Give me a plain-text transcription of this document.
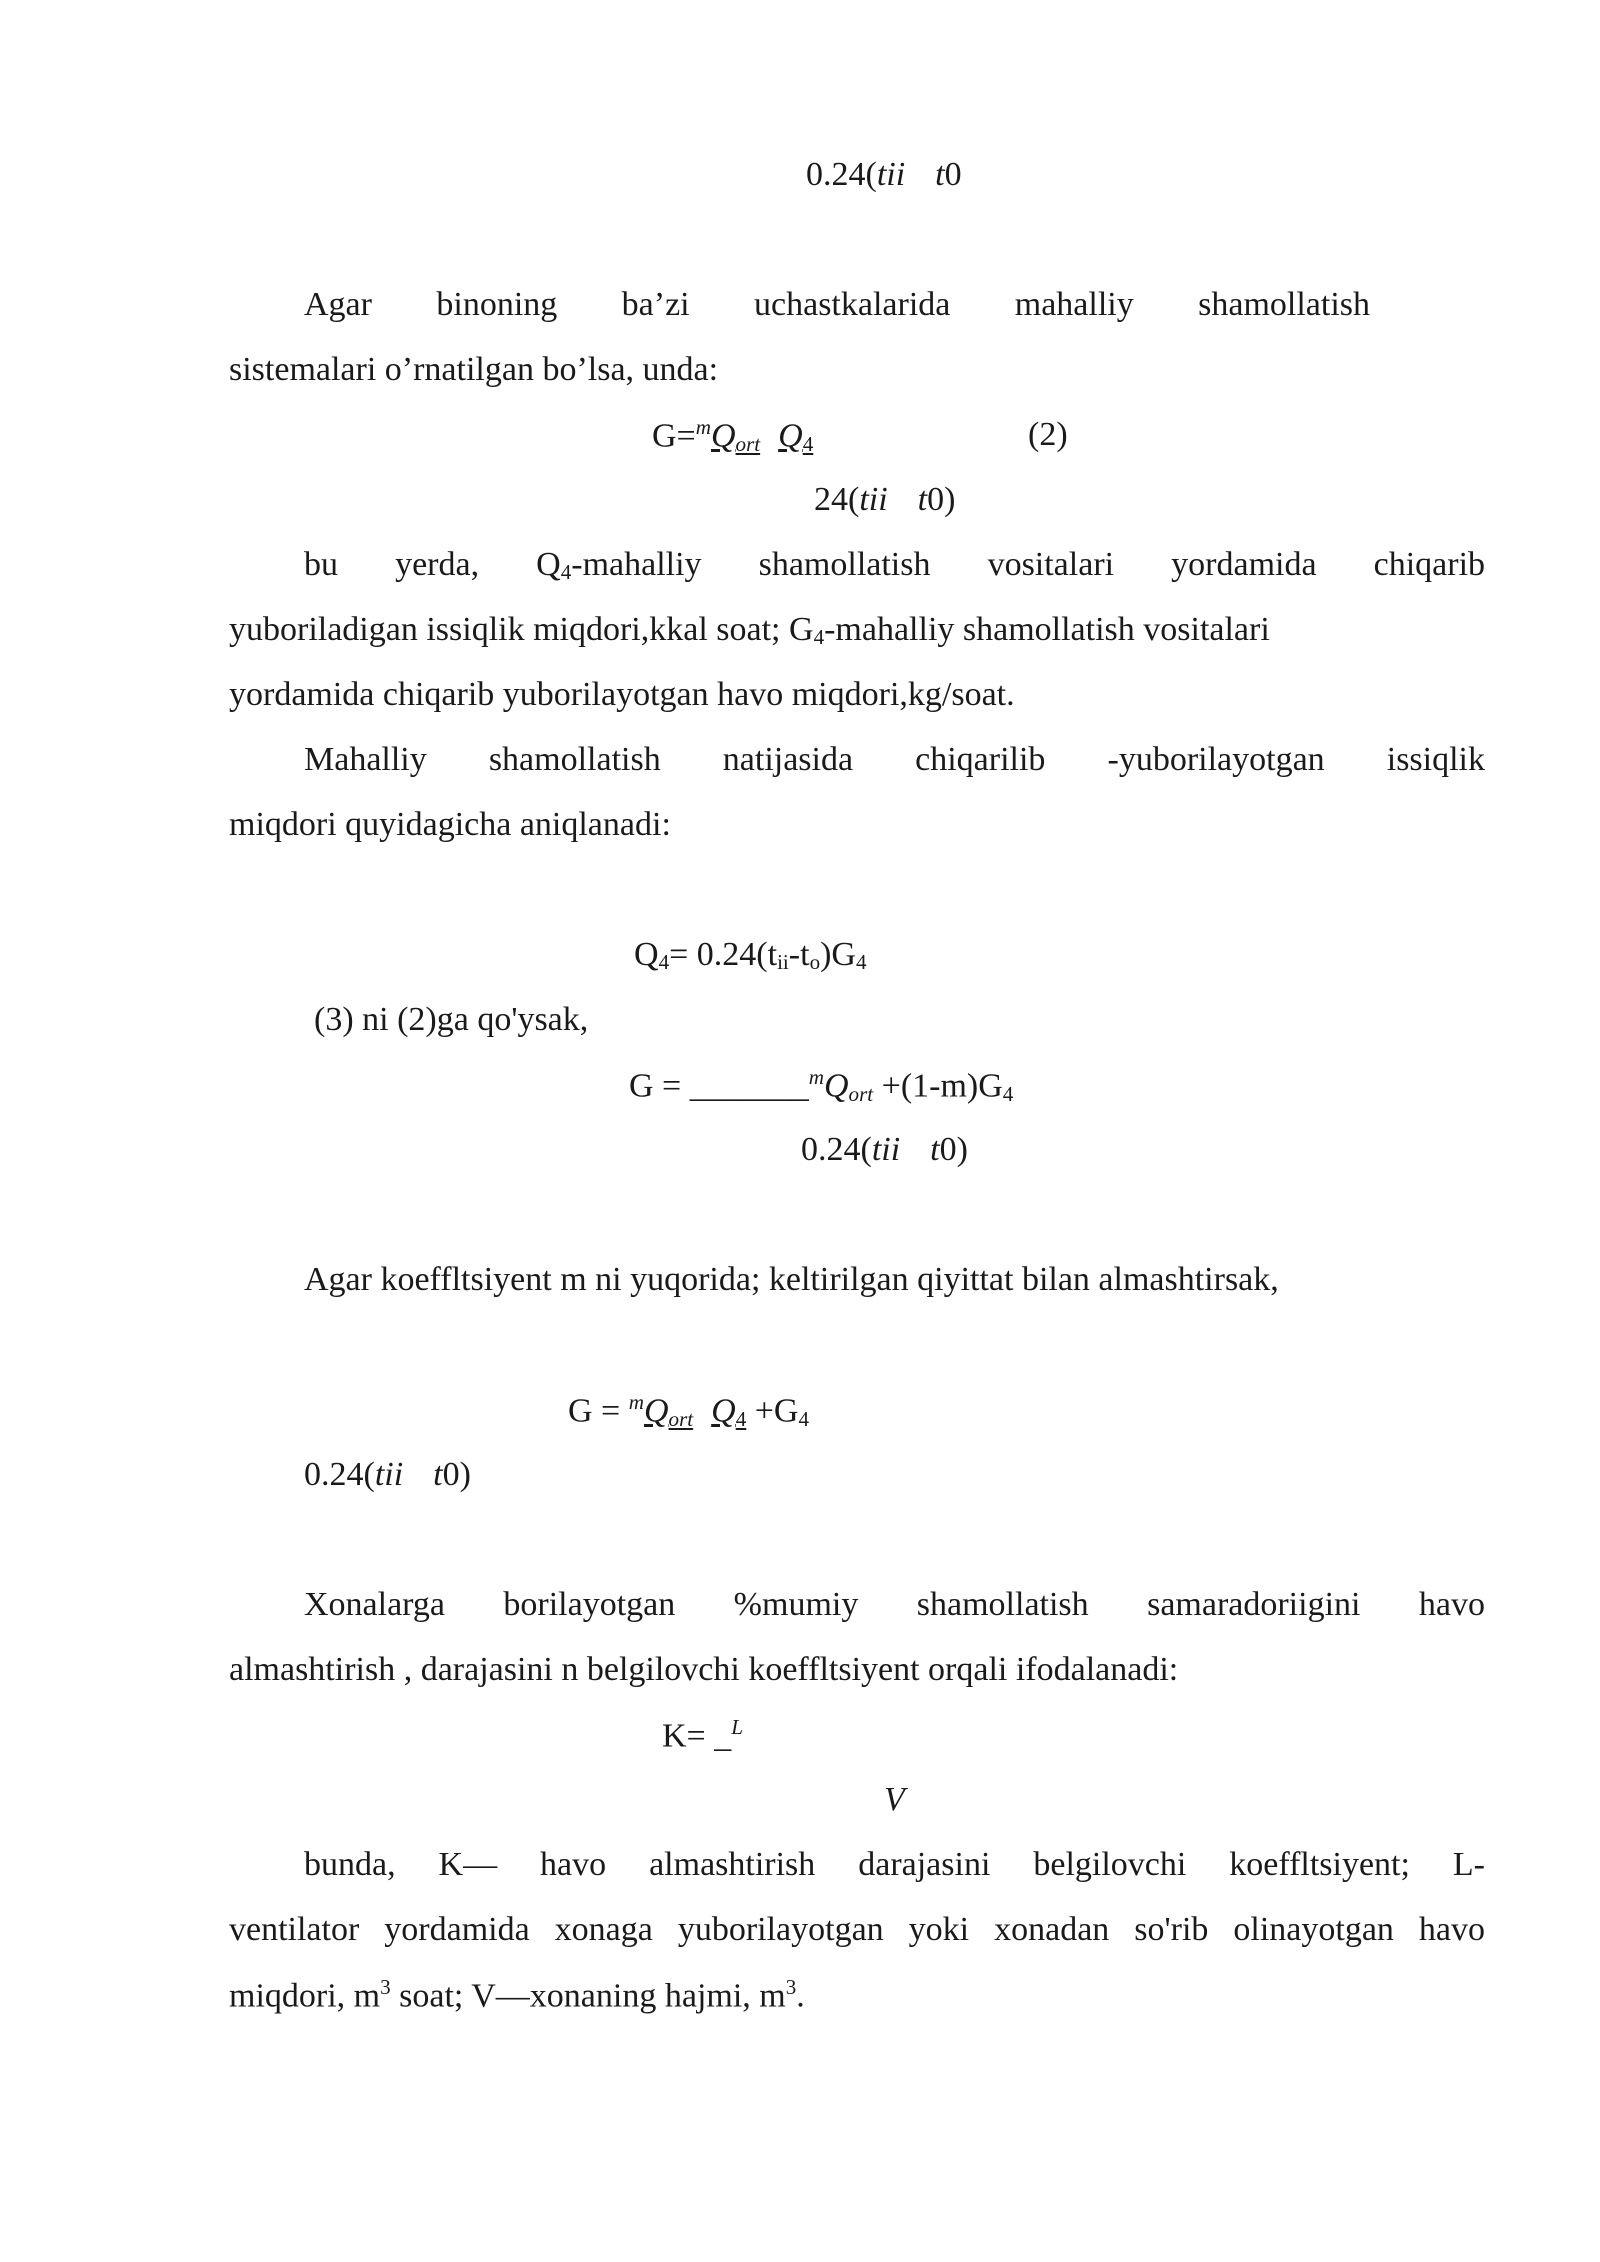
0.24(tii t0
Agar binoning ba’zi uchastkalarida mahalliy shamollatish
sistemalari o’rnatilgan bo’lsa, unda:
$G=^mQ_{ort}$ $Q_4$	(2)
24(tii t0)
bu yerda, $Q_4$-mahalliy shamollatish vositalari yordamida chiqarib
yuboriladigan issiqlik miqdori,kkal soat; $G_4$-mahalliy shamollatish vositalari
yordamida chiqarib yuborilayotgan havo miqdori,kg/soat.
Mahalliy shamollatish natijasida chiqarilib -yuborilayotgan issiqlik
miqdori quyidagicha aniqlanadi:
$Q_4= 0.24(t_{ii}-t_o)G_4$
(3) ni (2)ga qo'ysak,
$G = \_\_\_\_\_\_\_^mQ_{ort} +(1-m)G_4$
0.24(tii t0)
Agar koeffltsiyent m ni yuqorida; keltirilgan qiyittat bilan almashtirsak,
$G = ^mQ_{ort}$ $Q_4 +G_4$
0.24(tii t0)
Xonalarga borilayotgan %mumiy shamollatish samaradoriigini havo
almashtirish , darajasini n belgilovchi koeffltsiyent orqali ifodalanadi:
K= _$^L$
V
bunda, K— havo almashtirish darajasini belgilovchi koeffltsiyent; L-
ventilator yordamida xonaga yuborilayotgan yoki xonadan so'rib olinayotgan havo
miqdori, $m^3$ soat; V—xonaning hajmi, $m^3$.
